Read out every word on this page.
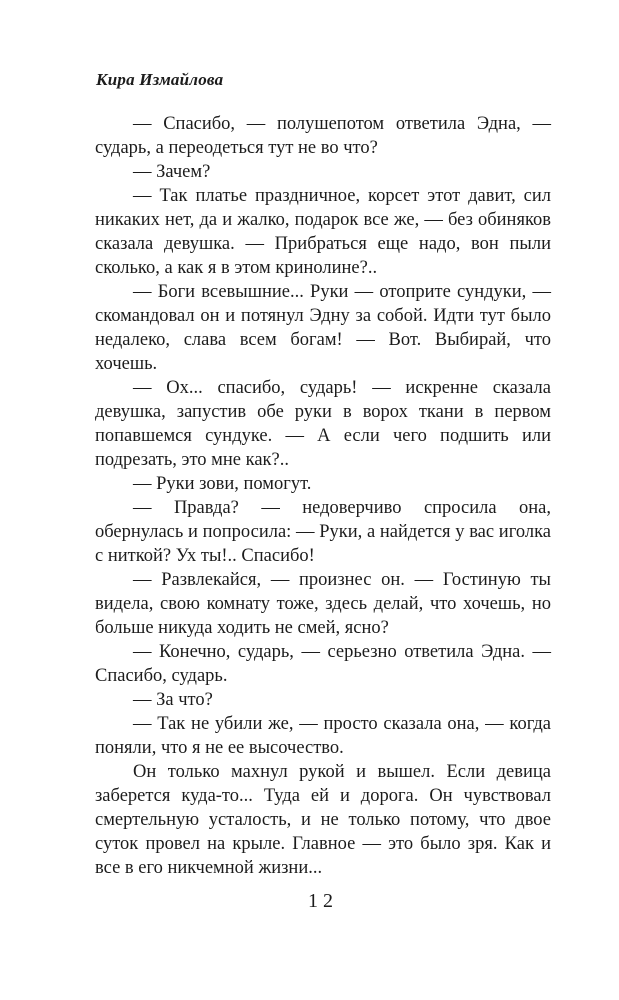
Кира Измайлова

— Спасибо, — полушепотом ответила Эдна, — сударь, а переодеться тут не во что?

— Зачем?

— Так платье праздничное, корсет этот давит, сил никаких нет, да и жалко, подарок все же, — без обиняков сказала девушка. — Прибраться еще надо, вон пыли сколько, а как я в этом кринолине?..

— Боги всевышние... Руки — отоприте сундуки, — скомандовал он и потянул Эдну за собой. Идти тут было недалеко, слава всем богам! — Вот. Выбирай, что хочешь.

— Ох... спасибо, сударь! — искренне сказала девушка, запустив обе руки в ворох ткани в первом попавшемся сундуке. — А если чего подшить или подрезать, это мне как?..

— Руки зови, помогут.

— Правда? — недоверчиво спросила она, обернулась и попросила: — Руки, а найдется у вас иголка с ниткой? Ух ты!.. Спасибо!

— Развлекайся, — произнес он. — Гостиную ты видела, свою комнату тоже, здесь делай, что хочешь, но больше никуда ходить не смей, ясно?

— Конечно, сударь, — серьезно ответила Эдна. — Спасибо, сударь.

— За что?

— Так не убили же, — просто сказала она, — когда поняли, что я не ее высочество.

Он только махнул рукой и вышел. Если девица заберется куда-то... Туда ей и дорога. Он чувствовал смертельную усталость, и не только потому, что двое суток провел на крыле. Главное — это было зря. Как и все в его никчемной жизни...

12
